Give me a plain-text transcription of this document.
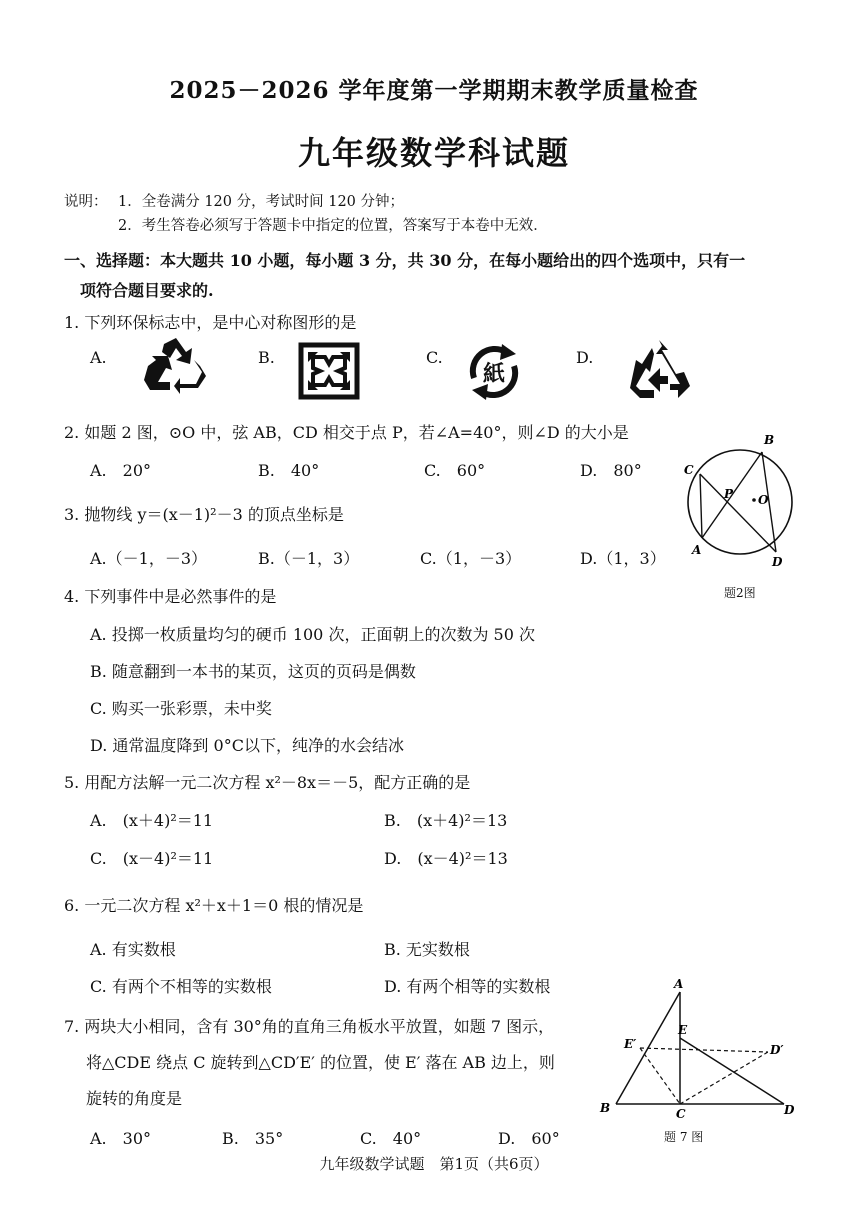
2025－2026 学年度第一学期期末教学质量检查
九年级数学科试题
说明： 1．全卷满分 120 分，考试时间 120 分钟；
2．考生答卷必须写于答题卡中指定的位置，答案写于本卷中无效．
一、选择题：本大题共 10 小题，每小题 3 分，共 30 分，在每小题给出的四个选项中，只有一
项符合题目要求的.
1. 下列环保标志中，是中心对称图形的是
A.	B.	C.	D.
紙
2. 如题 2 图，⊙O 中，弦 AB，CD 相交于点 P，若∠A=40°，则∠D 的大小是
A.　20°	B.　40°	C.　60°	D.　80°
B
C
P O
A
D
题2图
3. 抛物线 y＝(x－1)²－3 的顶点坐标是
A.（－1，－3）	B.（－1，3）	C.（1，－3）	D.（1，3）
4. 下列事件中是必然事件的是
A. 投掷一枚质量均匀的硬币 100 次，正面朝上的次数为 50 次
B. 随意翻到一本书的某页，这页的页码是偶数
C. 购买一张彩票，未中奖
D. 通常温度降到 0°C以下，纯净的水会结冰
5. 用配方法解一元二次方程 x²－8x＝－5，配方正确的是
A.　(x＋4)²＝11	B.　(x＋4)²＝13
C.　(x－4)²＝11	D.　(x－4)²＝13
6. 一元二次方程 x²＋x＋1＝0 根的情况是
A. 有实数根	B. 无实数根
C. 有两个不相等的实数根	D. 有两个相等的实数根
7. 两块大小相同，含有 30°角的直角三角板水平放置，如题 7 图示，
将△CDE 绕点 C 旋转到△CD′E′ 的位置，使 E′ 落在 AB 边上，则
旋转的角度是
A.　30°	B.　35°	C.　40°	D.　60°
A
E
E′	D′
B	C	D
题 7 图
九年级数学试题　第1页（共6页）
